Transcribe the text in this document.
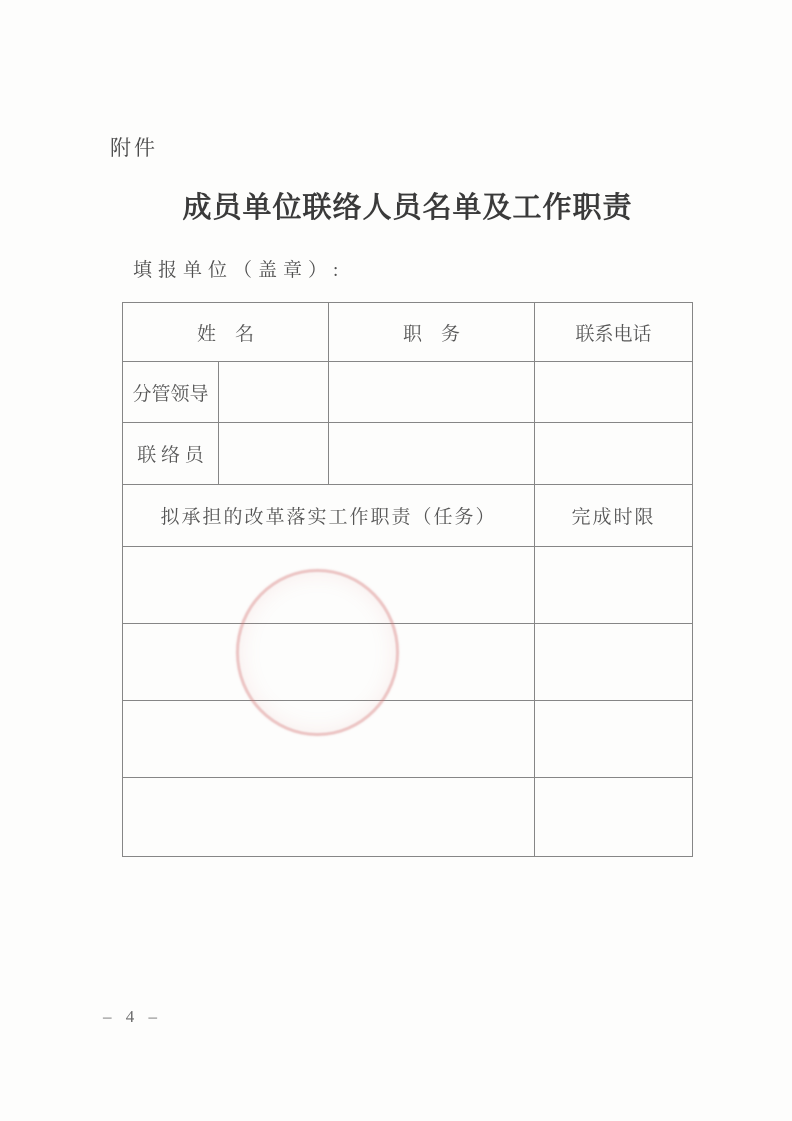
附件
成员单位联络人员名单及工作职责
填报单位（盖章）:
姓　名		职　务	联系电话
分管领导			
联 络 员			
拟承担的改革落实工作职责（任务）			完成时限

– 4 –
